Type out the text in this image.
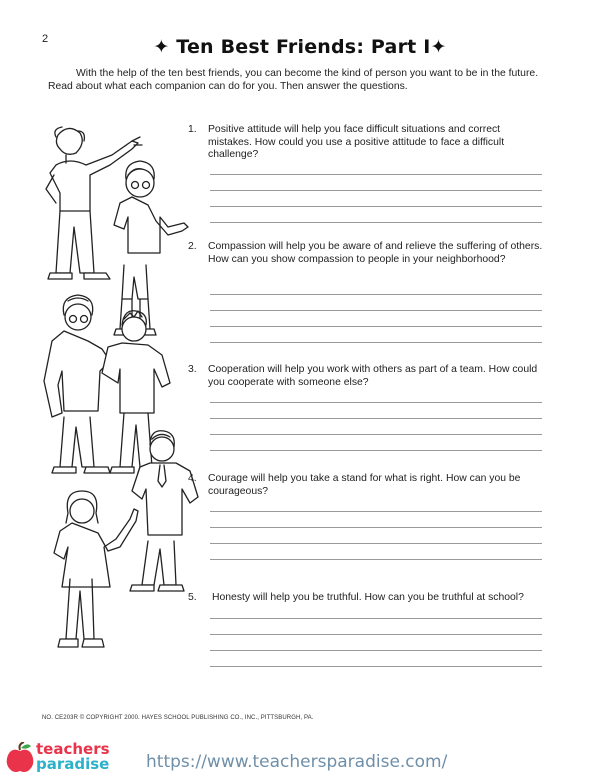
2	✦ Ten Best Friends: Part I✦
With the help of the ten best friends, you can become the kind of person you want to be in the future. Read about what each companion can do for you. Then answer the questions.
1. Positive attitude will help you face difficult situations and correct mistakes. How could you use a positive attitude to face a difficult challenge?
2. Compassion will help you be aware of and relieve the suffering of others. How can you show compassion to people in your neighborhood?
3. Cooperation will help you work with others as part of a team. How could you cooperate with someone else?
4. Courage will help you take a stand for what is right. How can you be courageous?
5. Honesty will help you be truthful. How can you be truthful at school?
NO. CE203R © COPYRIGHT 2000. HAYES SCHOOL PUBLISHING CO., INC., PITTSBURGH, PA.
teachers
paradise https://www.teachersparadise.com/
